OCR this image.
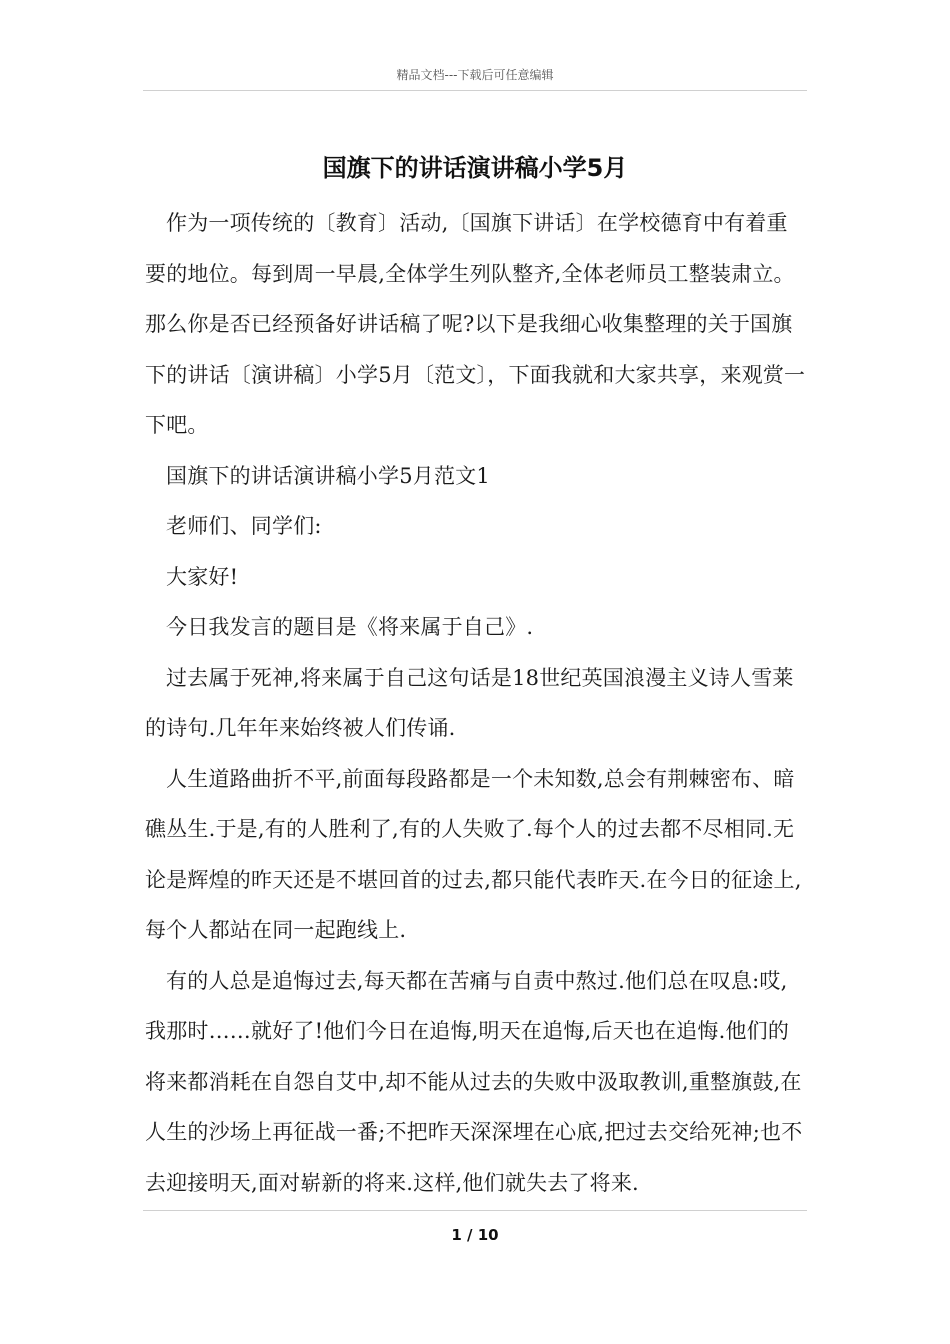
精品文档---下载后可任意编辑
国旗下的讲话演讲稿小学5月

作为一项传统的〔教育〕活动,〔国旗下讲话〕在学校德育中有着重要的地位。每到周一早晨,全体学生列队整齐,全体老师员工整装肃立。那么你是否已经预备好讲话稿了呢?以下是我细心收集整理的关于国旗下的讲话〔演讲稿〕小学5月〔范文〕，下面我就和大家共享，来观赏一下吧。

国旗下的讲话演讲稿小学5月范文1

老师们、同学们:

大家好!

今日我发言的题目是《将来属于自己》.

过去属于死神,将来属于自己这句话是18世纪英国浪漫主义诗人雪莱的诗句.几年年来始终被人们传诵.

人生道路曲折不平,前面每段路都是一个未知数,总会有荆棘密布、暗礁丛生.于是,有的人胜利了,有的人失败了.每个人的过去都不尽相同.无论是辉煌的昨天还是不堪回首的过去,都只能代表昨天.在今日的征途上,每个人都站在同一起跑线上.

有的人总是追悔过去,每天都在苦痛与自责中熬过.他们总在叹息:哎,我那时……就好了!他们今日在追悔,明天在追悔,后天也在追悔.他们的将来都消耗在自怨自艾中,却不能从过去的失败中汲取教训,重整旗鼓,在人生的沙场上再征战一番;不把昨天深深埋在心底,把过去交给死神;也不去迎接明天,面对崭新的将来.这样,他们就失去了将来.

1 / 10
